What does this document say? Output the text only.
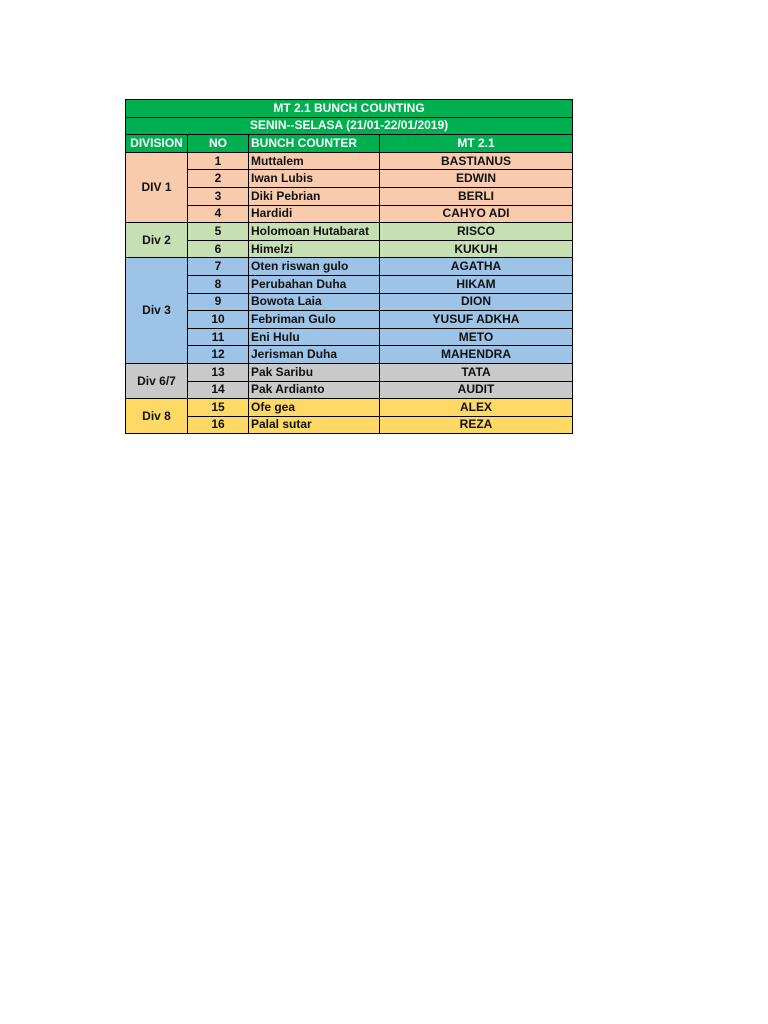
MT 2.1 BUNCH COUNTING			
SENIN--SELASA (21/01-22/01/2019)			
DIVISION	NO	BUNCH COUNTER	MT 2.1
DIV 1	1	Muttalem	BASTIANUS
	2	Iwan Lubis	EDWIN
	3	Diki Pebrian	BERLI
	4	Hardidi	CAHYO ADI
Div 2	5	Holomoan Hutabarat	RISCO
	6	Himelzi	KUKUH
Div 3	7	Oten riswan gulo	AGATHA
	8	Perubahan Duha	HIKAM
	9	Bowota Laia	DION
	10	Febriman Gulo	YUSUF ADKHA
	11	Eni Hulu	METO
	12	Jerisman Duha	MAHENDRA
Div 6/7	13	Pak Saribu	TATA
	14	Pak Ardianto	AUDIT
Div 8	15	Ofe gea	ALEX
	16	Palal sutar	REZA
